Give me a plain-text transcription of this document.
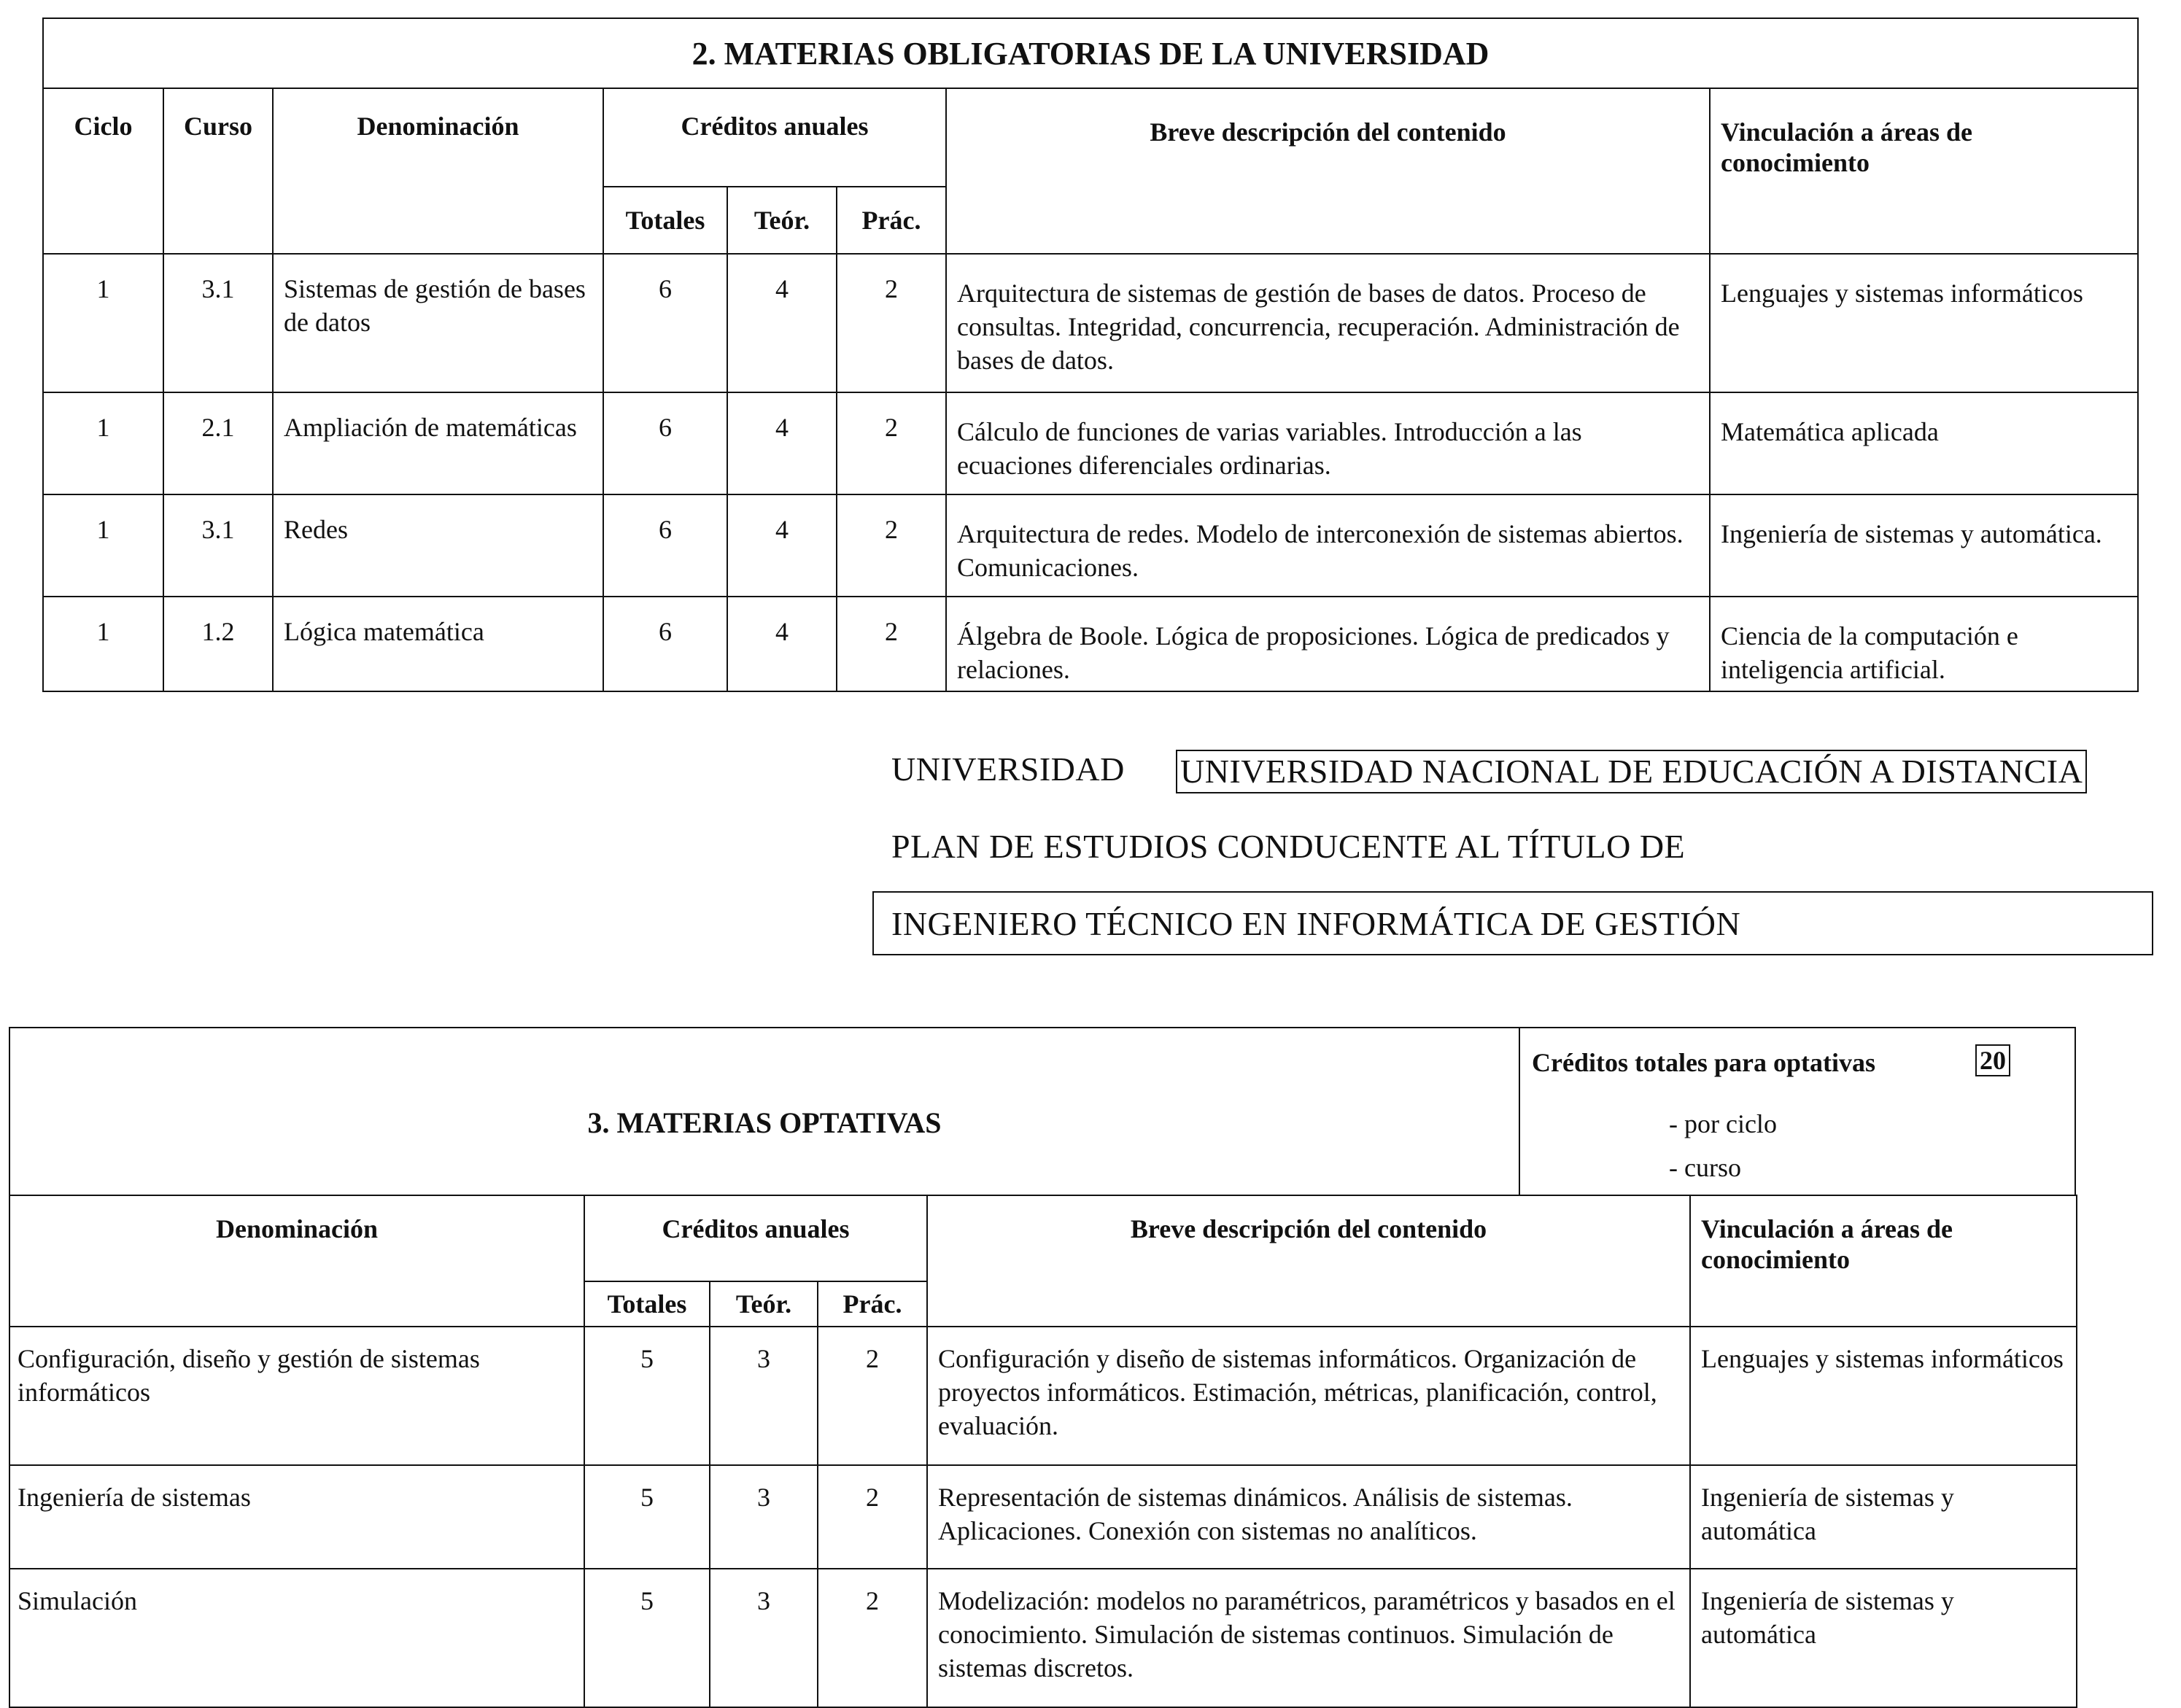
2. MATERIAS OBLIGATORIAS DE LA UNIVERSIDAD							
Ciclo	Curso	Denominación	Créditos anuales			Breve descripción del contenido	Vinculación a áreas de conocimiento
			Totales	Teór.	Prác.		
1	3.1	Sistemas de gestión de bases de datos	6	4	2	Arquitectura de sistemas de gestión de bases de datos. Proceso de consultas. Integridad, concurrencia, recuperación. Administración de bases de datos.	Lenguajes y sistemas informáticos
1	2.1	Ampliación de matemáticas	6	4	2	Cálculo de funciones de varias variables. Introducción a las ecuaciones diferenciales ordinarias.	Matemática aplicada
1	3.1	Redes	6	4	2	Arquitectura de redes. Modelo de interconexión de sistemas abiertos. Comunicaciones.	Ingeniería de sistemas y automática.
1	1.2	Lógica matemática	6	4	2	Álgebra de Boole. Lógica de proposiciones. Lógica de predicados y relaciones.	Ciencia de la computación e inteligencia artificial.
UNIVERSIDAD UNIVERSIDAD NACIONAL DE EDUCACIÓN A DISTANCIA
PLAN DE ESTUDIOS CONDUCENTE AL TÍTULO DE
INGENIERO TÉCNICO EN INFORMÁTICA DE GESTIÓN
3. MATERIAS OPTATIVAS
Créditos totales para optativas	20
- por ciclo
- curso
Denominación	Créditos anuales			Breve descripción del contenido	Vinculación a áreas de conocimiento
	Totales	Teór.	Prác.		
Configuración, diseño y gestión de sistemas informáticos	5	3	2	Configuración y diseño de sistemas informáticos. Organización de proyectos informáticos. Estimación, métricas, planificación, control, evaluación.	Lenguajes y sistemas informáticos
Ingeniería de sistemas	5	3	2	Representación de sistemas dinámicos. Análisis de sistemas. Aplicaciones. Conexión con sistemas no analíticos.	Ingeniería de sistemas y automática
Simulación	5	3	2	Modelización: modelos no paramétricos, paramétricos y basados en el conocimiento. Simulación de sistemas continuos. Simulación de sistemas discretos.	Ingeniería de sistemas y automática
